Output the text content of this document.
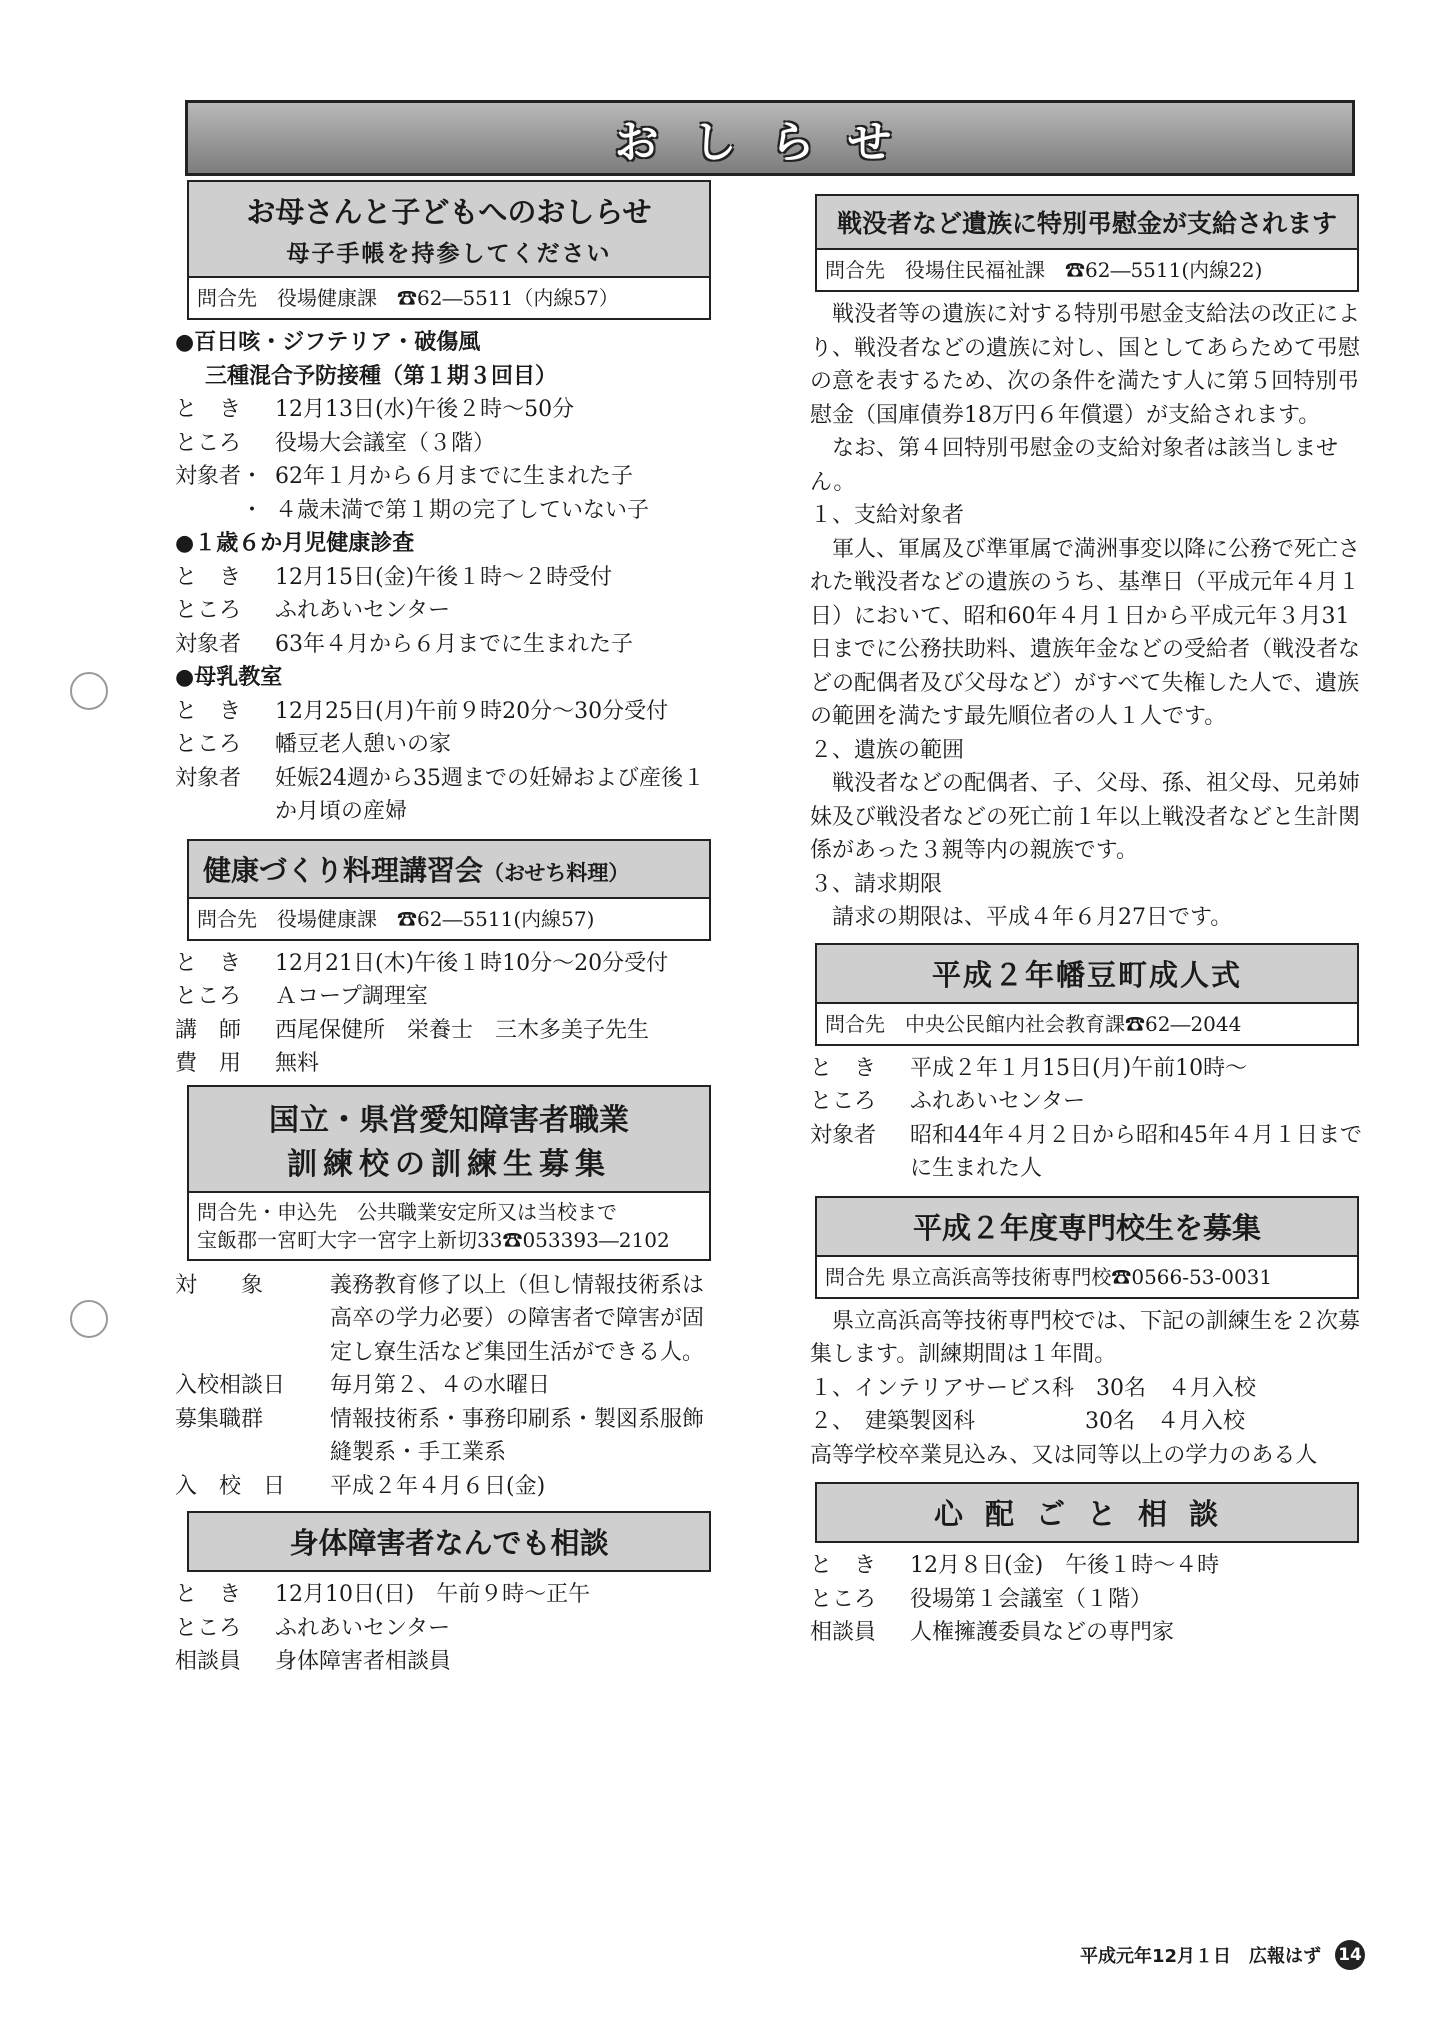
おしらせ
お母さんと子どもへのおしらせ
母子手帳を持参してください
問合先　役場健康課　☎62―5511（内線57）
●百日咳・ジフテリア・破傷風
三種混合予防接種（第１期３回目）
と　き	12月13日(水)午後２時～50分
ところ	役場大会議室（３階）
対象者・ 62年１月から６月までに生まれた子
　　　・ ４歳未満で第１期の完了していない子
●１歳６か月児健康診査
と　き	12月15日(金)午後１時～２時受付
ところ	ふれあいセンター
対象者	63年４月から６月までに生まれた子
●母乳教室
と　き	12月25日(月)午前９時20分～30分受付
ところ	幡豆老人憩いの家
対象者	妊娠24週から35週までの妊婦および産後１か月頃の産婦
健康づくり料理講習会（おせち料理）
問合先　役場健康課　☎62―5511(内線57)
と　き	12月21日(木)午後１時10分～20分受付
ところ	Ａコープ調理室
講　師	西尾保健所　栄養士　三木多美子先生
費　用	無料
国立・県営愛知障害者職業
訓練校の訓練生募集
問合先・申込先　公共職業安定所又は当校まで
宝飯郡一宮町大字一宮字上新切33☎053393―2102
対　　象	義務教育修了以上（但し情報技術系は高卒の学力必要）の障害者で障害が固定し寮生活など集団生活ができる人。
入校相談日	毎月第２、４の水曜日
募集職群	情報技術系・事務印刷系・製図系服飾縫製系・手工業系
入　校　日	平成２年４月６日(金)
身体障害者なんでも相談
と　き	12月10日(日)　午前９時～正午
ところ	ふれあいセンター
相談員	身体障害者相談員
戦没者など遺族に特別弔慰金が支給されます
問合先　役場住民福祉課　☎62―5511(内線22)

戦没者等の遺族に対する特別弔慰金支給法の改正により、戦没者などの遺族に対し、国としてあらためて弔慰の意を表するため、次の条件を満たす人に第５回特別弔慰金（国庫債券18万円６年償還）が支給されます。

なお、第４回特別弔慰金の支給対象者は該当しません。

１、支給対象者

軍人、軍属及び準軍属で満洲事変以降に公務で死亡された戦没者などの遺族のうち、基準日（平成元年４月１日）において、昭和60年４月１日から平成元年３月31日までに公務扶助料、遺族年金などの受給者（戦没者などの配偶者及び父母など）がすべて失権した人で、遺族の範囲を満たす最先順位者の人１人です。

２、遺族の範囲

戦没者などの配偶者、子、父母、孫、祖父母、兄弟姉妹及び戦没者などの死亡前１年以上戦没者などと生計関係があった３親等内の親族です。

３、請求期限

請求の期限は、平成４年６月27日です。

平成２年幡豆町成人式
問合先　中央公民館内社会教育課☎62―2044
と　き	平成２年１月15日(月)午前10時～
ところ	ふれあいセンター
対象者	昭和44年４月２日から昭和45年４月１日までに生まれた人
平成２年度専門校生を募集
問合先 県立高浜高等技術専門校☎0566-53-0031

県立高浜高等技術専門校では、下記の訓練生を２次募集します。訓練期間は１年間。

１、インテリアサービス科　30名　４月入校

２、　建築製図科　　　　　30名　４月入校

高等学校卒業見込み、又は同等以上の学力のある人

心配ごと相談
と　き	12月８日(金)　午後１時～４時
ところ	役場第１会議室（１階）
相談員	人権擁護委員などの専門家
平成元年12月１日　広報はず 14
